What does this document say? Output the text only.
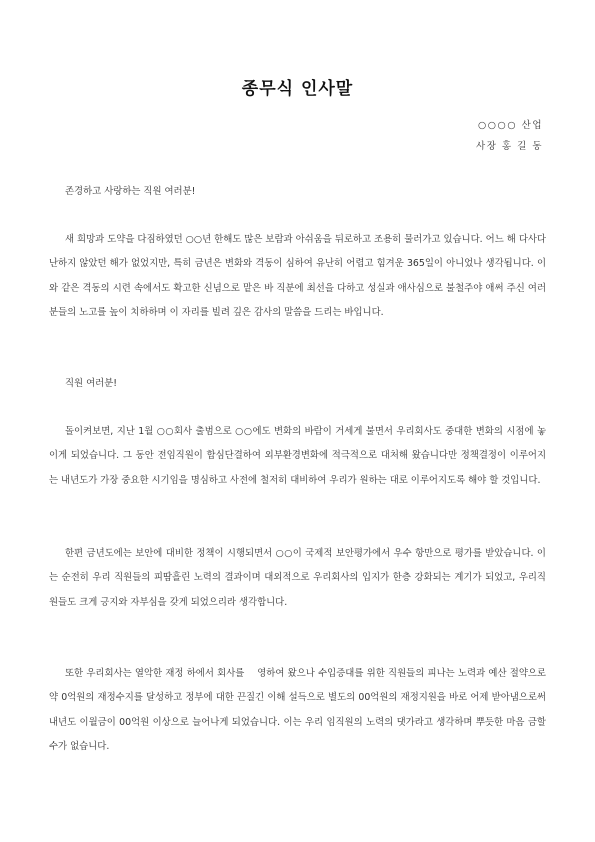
종무식 인사말
○○○○ 산업
사장 홍 길 동

존경하고 사랑하는 직원 여러분!

새 희망과 도약을 다짐하였던 ○○년 한해도 많은 보람과 아쉬움을 뒤로하고 조용히 물러가고 있습니다. 어느 해 다사다난하지 않았던 해가 없었지만, 특히 금년은 변화와 격동이 심하여 유난히 어렵고 힘겨운 365일이 아니었나 생각됩니다. 이와 같은 격동의 시련 속에서도 확고한 신념으로 맡은 바 직분에 최선을 다하고 성실과 애사심으로 불철주야 애써 주신 여러분들의 노고를 높이 치하하며 이 자리를 빌려 깊은 감사의 말씀을 드리는 바입니다.

직원 여러분!

돌이켜보면, 지난 1월 ○○회사 출범으로 ○○에도 변화의 바람이 거세게 불면서 우리회사도 중대한 변화의 시점에 놓이게 되었습니다. 그 동안 전임직원이 합심단결하여 외부환경변화에 적극적으로 대처해 왔습니다만 정책결정이 이루어지는 내년도가 가장 중요한 시기임을 명심하고 사전에 철저히 대비하여 우리가 원하는 대로 이루어지도록 해야 할 것입니다.

한편 금년도에는 보안에 대비한 정책이 시행되면서 ○○이 국제적 보안평가에서 우수 항만으로 평가를 받았습니다. 이는 순전히 우리 직원들의 피땀흘린 노력의 결과이며 대외적으로 우리회사의 입지가 한층 강화되는 계기가 되었고, 우리직원들도 크게 긍지와 자부심을 갖게 되었으리라 생각합니다.

또한 우리회사는 열악한 재정 하에서 회사를 　영하여 왔으나 수입증대를 위한 직원들의 피나는 노력과 예산 절약으로 약 0억원의 재정수지를 달성하고 정부에 대한 끈질긴 이해 설득으로 별도의 00억원의 재정지원을 바로 어제 받아냄으로써 내년도 이월금이 00억원 이상으로 늘어나게 되었습니다. 이는 우리 임직원의 노력의 댓가라고 생각하며 뿌듯한 마음 금할 수가 없습니다.
